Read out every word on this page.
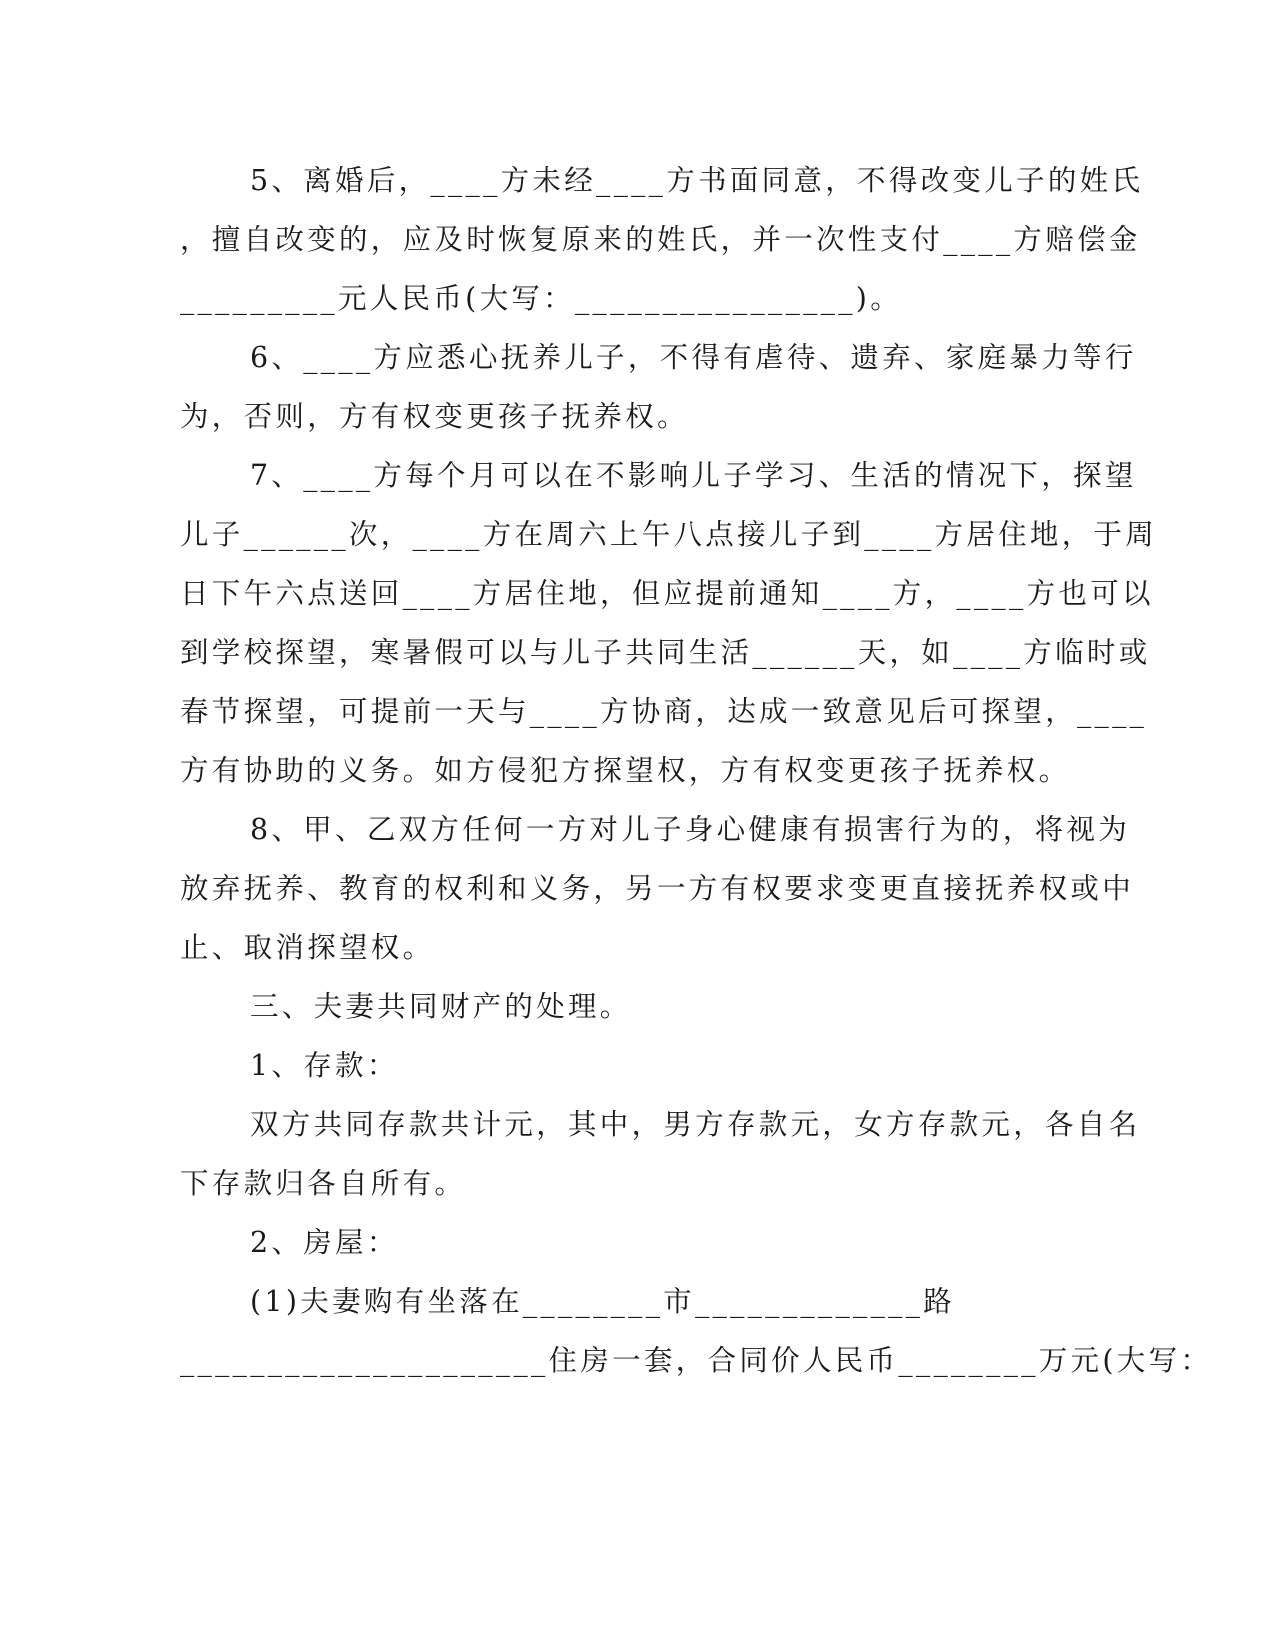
5、离婚后，____方未经____方书面同意，不得改变儿子的姓氏
，擅自改变的，应及时恢复原来的姓氏，并一次性支付____方赔偿金
_________元人民币(大写：________________)。
6、____方应悉心抚养儿子，不得有虐待、遗弃、家庭暴力等行
为，否则，方有权变更孩子抚养权。
7、____方每个月可以在不影响儿子学习、生活的情况下，探望
儿子______次，____方在周六上午八点接儿子到____方居住地，于周
日下午六点送回____方居住地，但应提前通知____方，____方也可以
到学校探望，寒暑假可以与儿子共同生活______天，如____方临时或
春节探望，可提前一天与____方协商，达成一致意见后可探望，____
方有协助的义务。如方侵犯方探望权，方有权变更孩子抚养权。
8、甲、乙双方任何一方对儿子身心健康有损害行为的，将视为
放弃抚养、教育的权利和义务，另一方有权要求变更直接抚养权或中
止、取消探望权。
三、夫妻共同财产的处理。
1、存款：
双方共同存款共计元，其中，男方存款元，女方存款元，各自名
下存款归各自所有。
2、房屋：
(1)夫妻购有坐落在________市_____________路
_____________________住房一套，合同价人民币________万元(大写：
